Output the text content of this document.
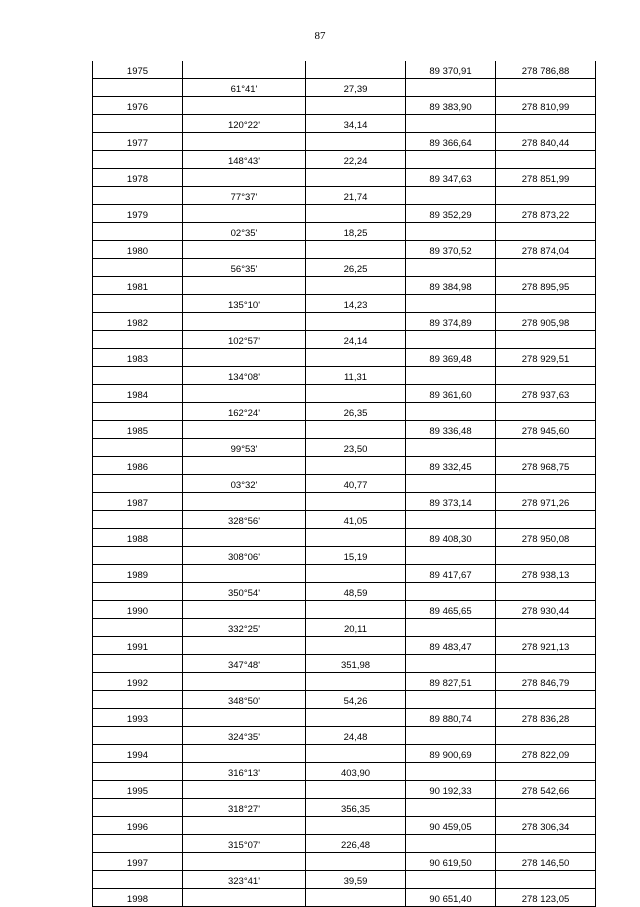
87
1975			89 370,91	278 786,88
	61°41'	27,39		
1976			89 383,90	278 810,99
	120°22'	34,14		
1977			89 366,64	278 840,44
	148°43'	22,24		
1978			89 347,63	278 851,99
	77°37'	21,74		
1979			89 352,29	278 873,22
	02°35'	18,25		
1980			89 370,52	278 874,04
	56°35'	26,25		
1981			89 384,98	278 895,95
	135°10'	14,23		
1982			89 374,89	278 905,98
	102°57'	24,14		
1983			89 369,48	278 929,51
	134°08'	11,31		
1984			89 361,60	278 937,63
	162°24'	26,35		
1985			89 336,48	278 945,60
	99°53'	23,50		
1986			89 332,45	278 968,75
	03°32'	40,77		
1987			89 373,14	278 971,26
	328°56'	41,05		
1988			89 408,30	278 950,08
	308°06'	15,19		
1989			89 417,67	278 938,13
	350°54'	48,59		
1990			89 465,65	278 930,44
	332°25'	20,11		
1991			89 483,47	278 921,13
	347°48'	351,98		
1992			89 827,51	278 846,79
	348°50'	54,26		
1993			89 880,74	278 836,28
	324°35'	24,48		
1994			89 900,69	278 822,09
	316°13'	403,90		
1995			90 192,33	278 542,66
	318°27'	356,35		
1996			90 459,05	278 306,34
	315°07'	226,48		
1997			90 619,50	278 146,50
	323°41'	39,59		
1998			90 651,40	278 123,05
